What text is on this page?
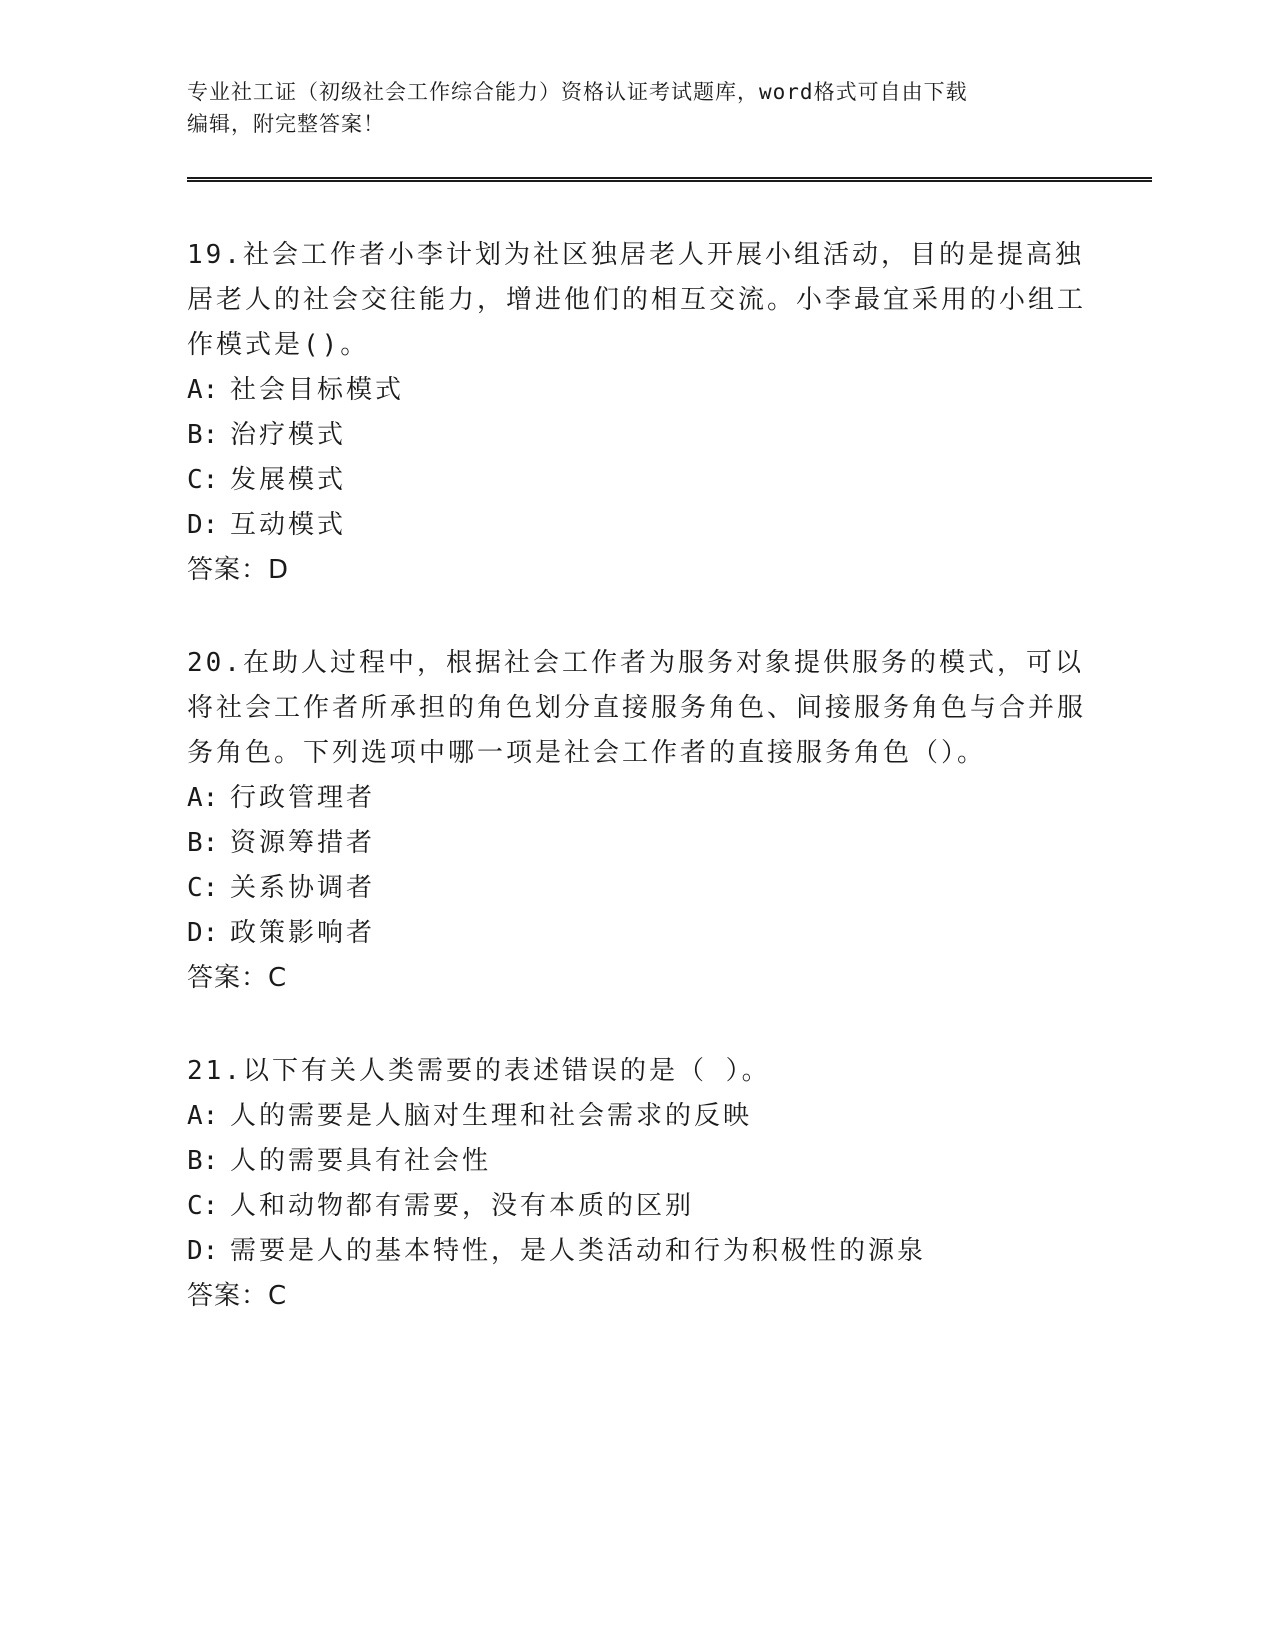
专业社工证（初级社会工作综合能力）资格认证考试题库，word格式可自由下载
编辑，附完整答案！

19.社会工作者小李计划为社区独居老人开展小组活动，目的是提高独居老人的社会交往能力，增进他们的相互交流。小李最宜采用的小组工作模式是()。

A: 社会目标模式

B: 治疗模式

C: 发展模式

D: 互动模式

答案：D

20.在助人过程中，根据社会工作者为服务对象提供服务的模式，可以将社会工作者所承担的角色划分直接服务角色、间接服务角色与合并服务角色。下列选项中哪一项是社会工作者的直接服务角色（）。

A: 行政管理者

B: 资源筹措者

C: 关系协调者

D: 政策影响者

答案：C

21.以下有关人类需要的表述错误的是（ ）。

A: 人的需要是人脑对生理和社会需求的反映

B: 人的需要具有社会性

C: 人和动物都有需要，没有本质的区别

D: 需要是人的基本特性，是人类活动和行为积极性的源泉

答案：C
